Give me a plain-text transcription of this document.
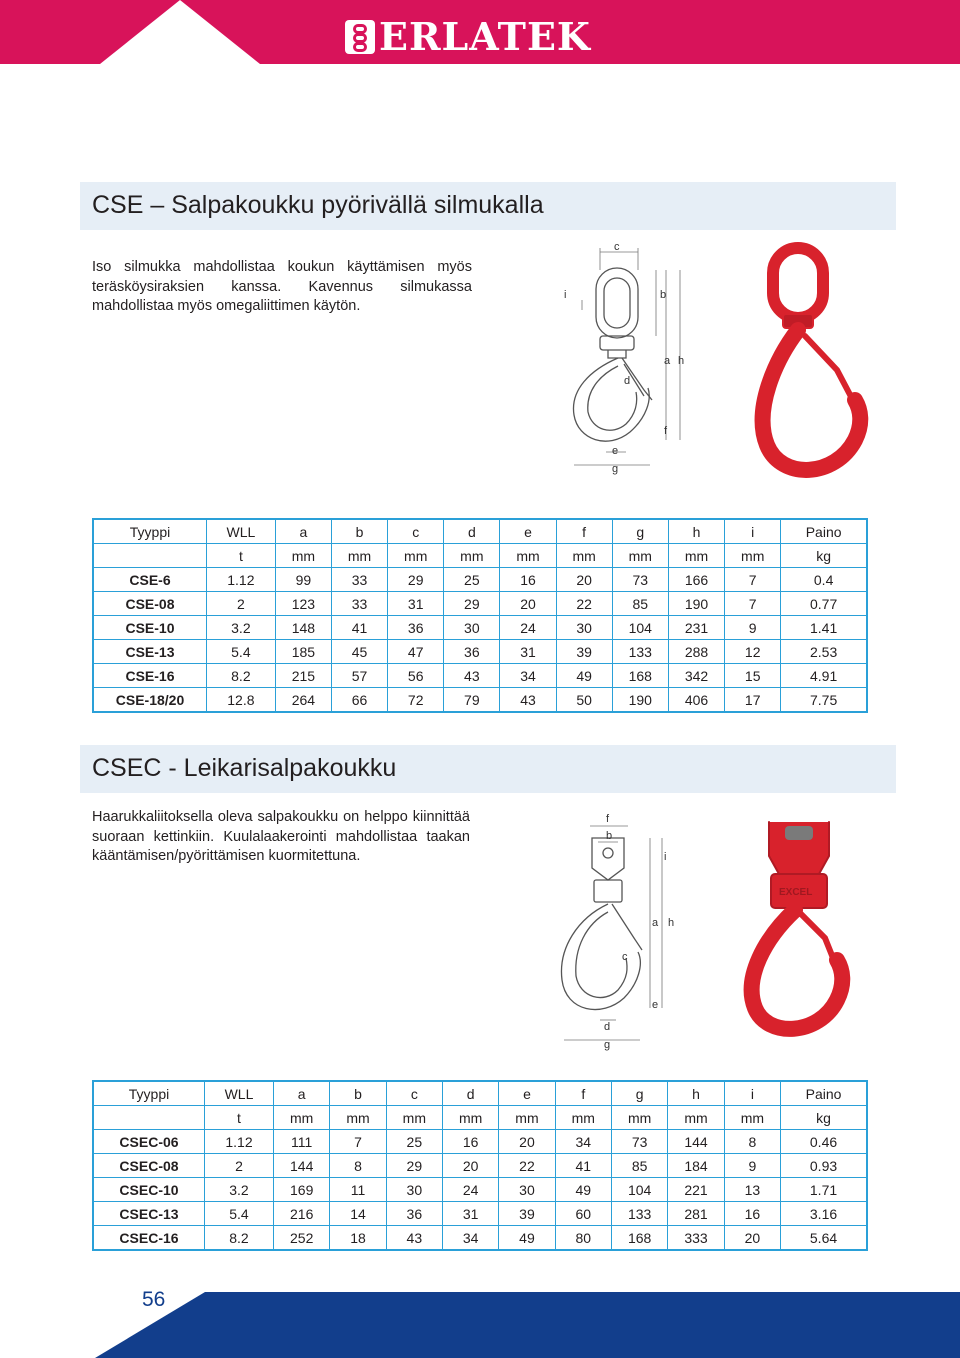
ERLATEK
CSE – Salpakoukku pyörivällä silmukalla
Iso silmukka mahdollistaa koukun käyttämisen myös teräsköysiraksien kanssa. Kavennus silmukassa mahdollistaa myös omegaliittimen käytön.
c
i	b
a h
d
f
e
g
Tyyppi	WLL	a	b	c	d	e	f	g	h	i	Paino
	t	mm	mm	mm	mm	mm	mm	mm	mm	mm	kg
CSE-6	1.12	99	33	29	25	16	20	73	166	7	0.4
CSE-08	2	123	33	31	29	20	22	85	190	7	0.77
CSE-10	3.2	148	41	36	30	24	30	104	231	9	1.41
CSE-13	5.4	185	45	47	36	31	39	133	288	12	2.53
CSE-16	8.2	215	57	56	43	34	49	168	342	15	4.91
CSE-18/20	12.8	264	66	72	79	43	50	190	406	17	7.75
CSEC - Leikarisalpakoukku
Haarukkaliitoksella oleva salpakoukku on helppo kiinnittää suoraan kettinkiin. Kuulalaakerointi mahdollistaa taakan kääntämisen/pyörittämisen kuormitettuna.
f
b
i
a h
c
e
d
g
EXCEL
Tyyppi	WLL	a	b	c	d	e	f	g	h	i	Paino
	t	mm	mm	mm	mm	mm	mm	mm	mm	mm	kg
CSEC-06	1.12	111	7	25	16	20	34	73	144	8	0.46
CSEC-08	2	144	8	29	20	22	41	85	184	9	0.93
CSEC-10	3.2	169	11	30	24	30	49	104	221	13	1.71
CSEC-13	5.4	216	14	36	31	39	60	133	281	16	3.16
CSEC-16	8.2	252	18	43	34	49	80	168	333	20	5.64
56
